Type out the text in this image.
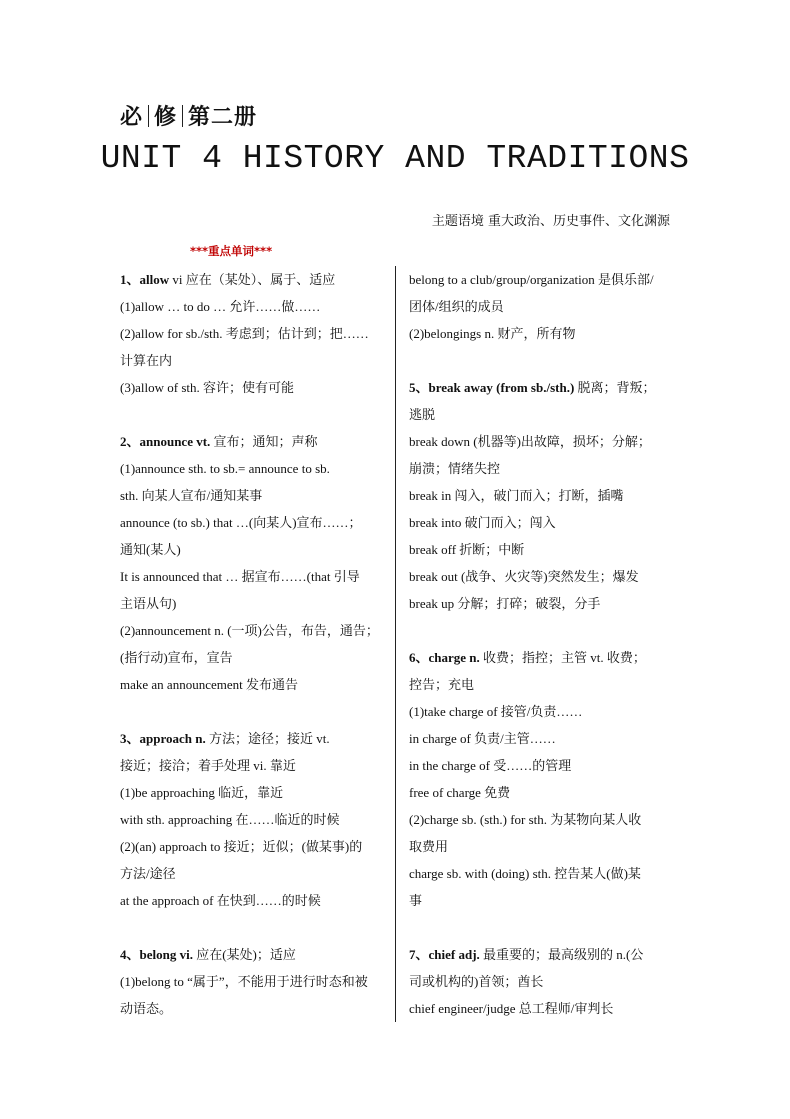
必 修 第二册
UNIT 4 HISTORY AND TRADITIONS
主题语境 重大政治、历史事件、文化渊源
***重点单词***
1、allow vi 应在（某处）、属于、适应
(1)allow … to do … 允许……做……
(2)allow for sb./sth. 考虑到；估计到；把……
计算在内
(3)allow of sth. 容许；使有可能
2、announce vt. 宣布；通知；声称
(1)announce sth. to sb.= announce to sb.
sth. 向某人宣布/通知某事
announce (to sb.) that …(向某人)宣布……；
通知(某人)
It is announced that … 据宣布……(that 引导
主语从句)
(2)announcement n. (一项)公告，布告，通告；
(指行动)宣布，宣告
make an announcement 发布通告
3、approach n. 方法；途径；接近 vt.
接近；接洽；着手处理 vi. 靠近
(1)be approaching 临近，靠近
with sth. approaching 在……临近的时候
(2)(an) approach to 接近；近似；(做某事)的
方法/途径
at the approach of 在快到……的时候
4、belong vi. 应在(某处)；适应
(1)belong to “属于”，不能用于进行时态和被
动语态。
belong to a club/group/organization 是俱乐部/
团体/组织的成员
(2)belongings n. 财产，所有物
5、break away (from sb./sth.) 脱离；背叛；
逃脱
break down (机器等)出故障，损坏；分解；
崩溃；情绪失控
break in 闯入，破门而入；打断，插嘴
break into 破门而入；闯入
break off 折断；中断
break out (战争、火灾等)突然发生；爆发
break up 分解；打碎；破裂，分手
6、charge n. 收费；指控；主管 vt. 收费；
控告；充电
(1)take charge of 接管/负责……
in charge of 负责/主管……
in the charge of 受……的管理
free of charge 免费
(2)charge sb. (sth.) for sth. 为某物向某人收
取费用
charge sb. with (doing) sth. 控告某人(做)某
事
7、chief adj. 最重要的；最高级别的 n.(公
司或机构的)首领；酋长
chief engineer/judge 总工程师/审判长
